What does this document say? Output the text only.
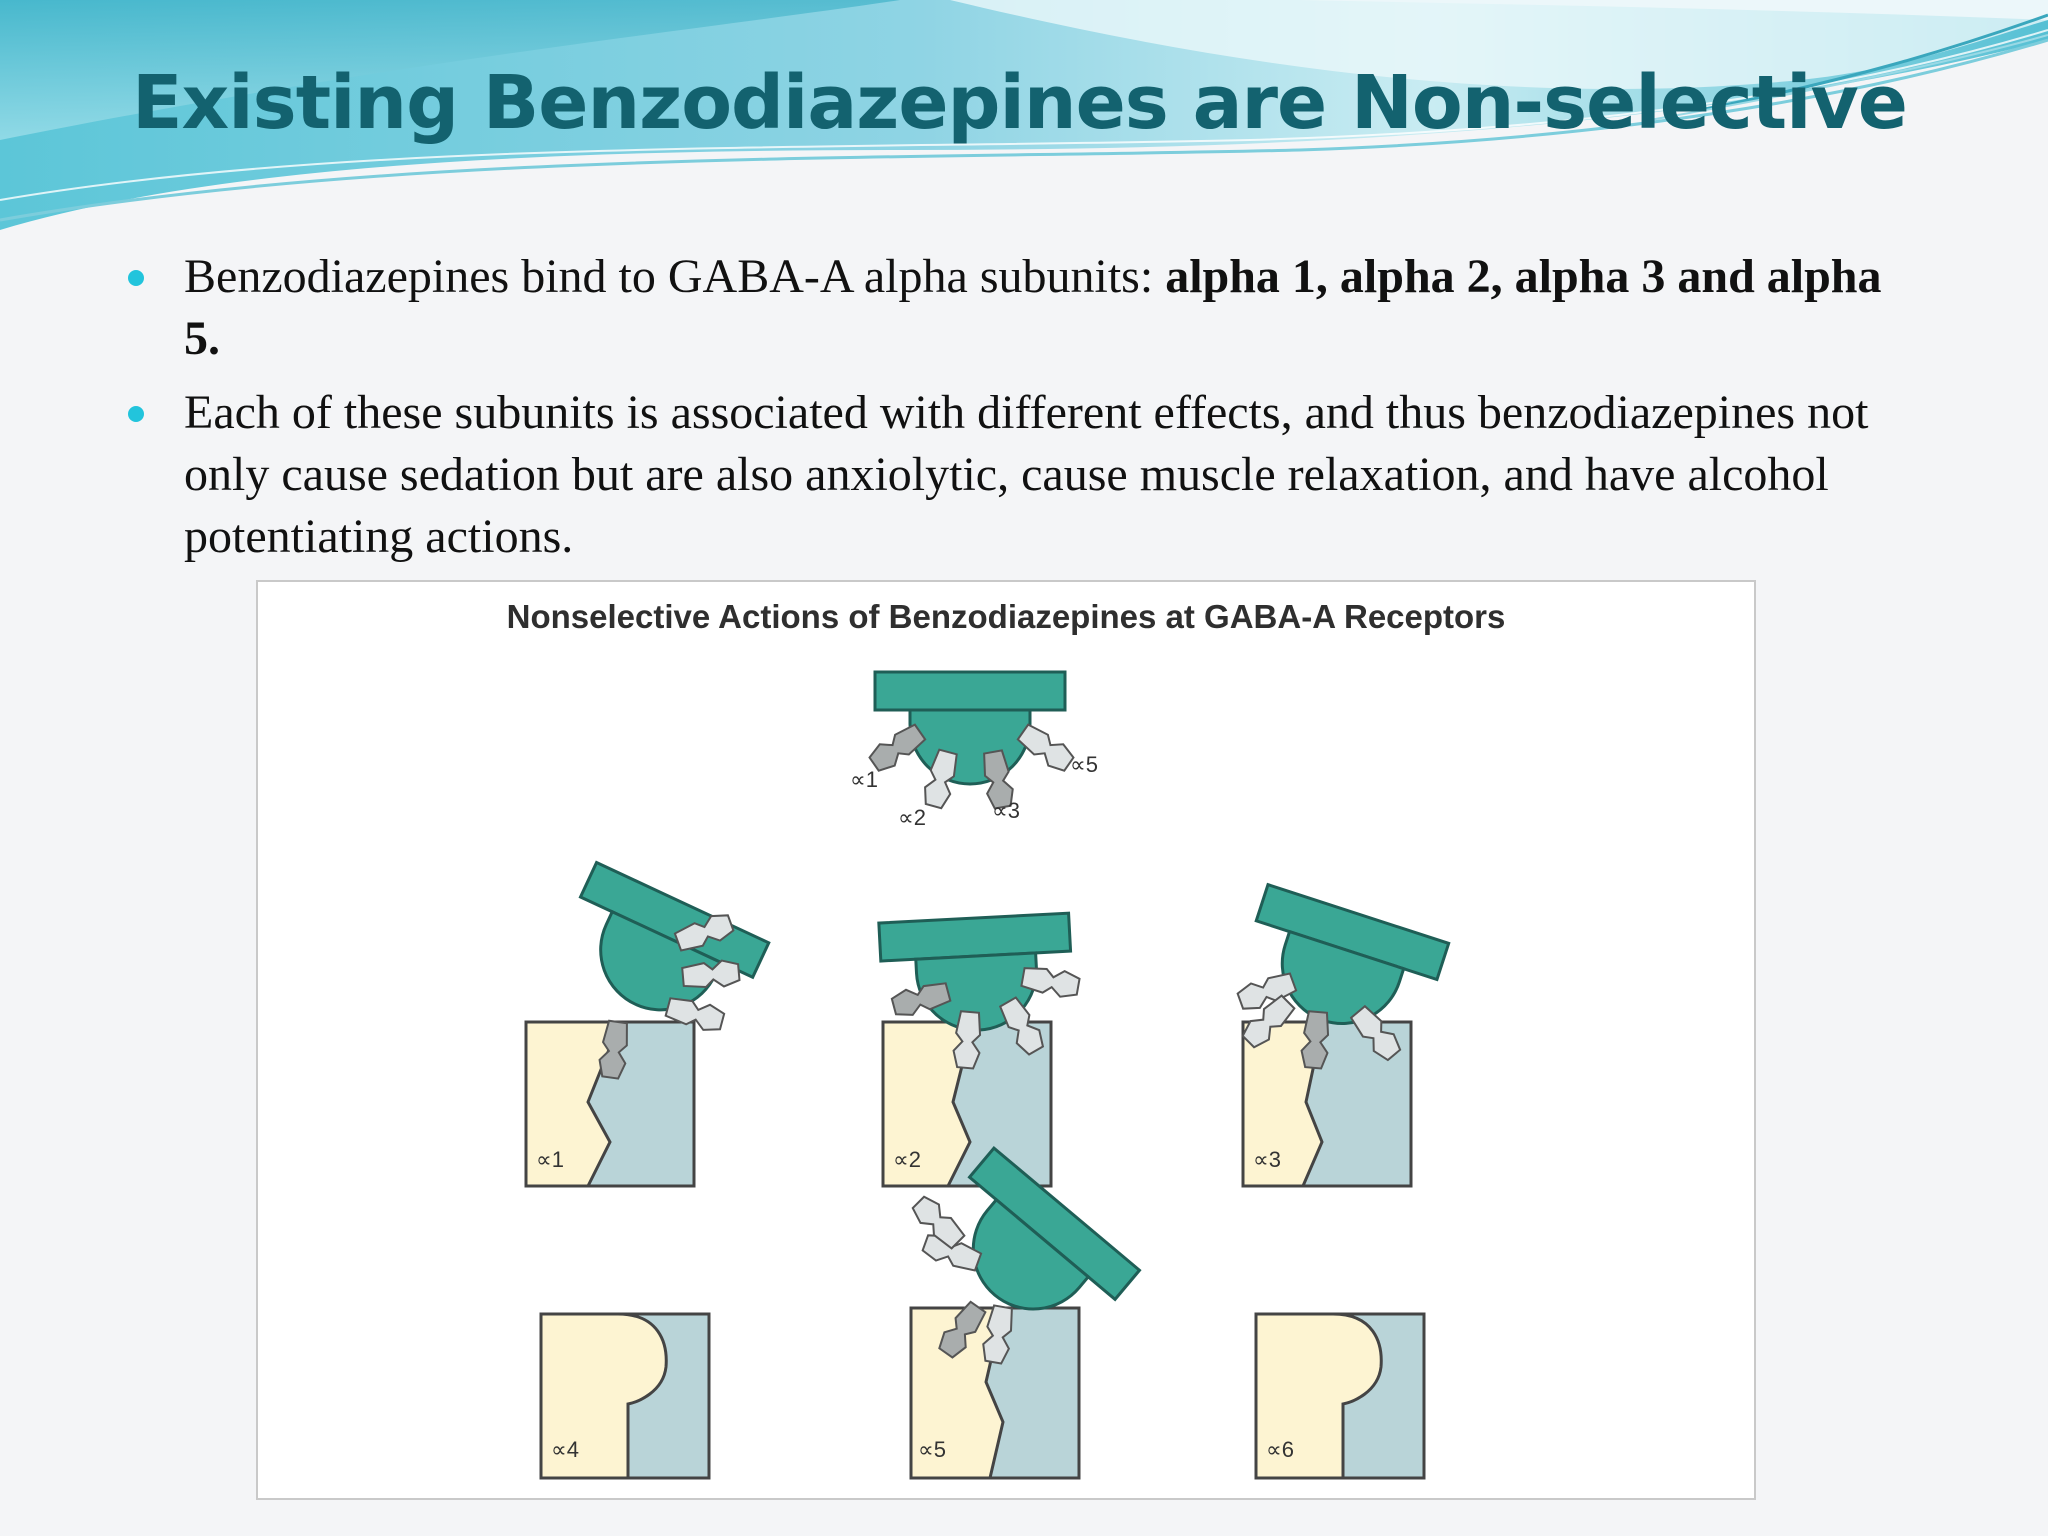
Existing Benzodiazepines are Non-selective
Benzodiazepines bind to GABA-A alpha subunits: alpha 1, alpha 2, alpha 3 and alpha 5.
Each of these subunits is associated with different effects, and thus benzodiazepines not only cause sedation but are also anxiolytic, cause muscle relaxation, and have alcohol potentiating actions.
Nonselective Actions of Benzodiazepines at GABA-A Receptors
∝1
∝2	∝3
∝5
∝1	∝2	∝3
∝4	∝5	∝6
